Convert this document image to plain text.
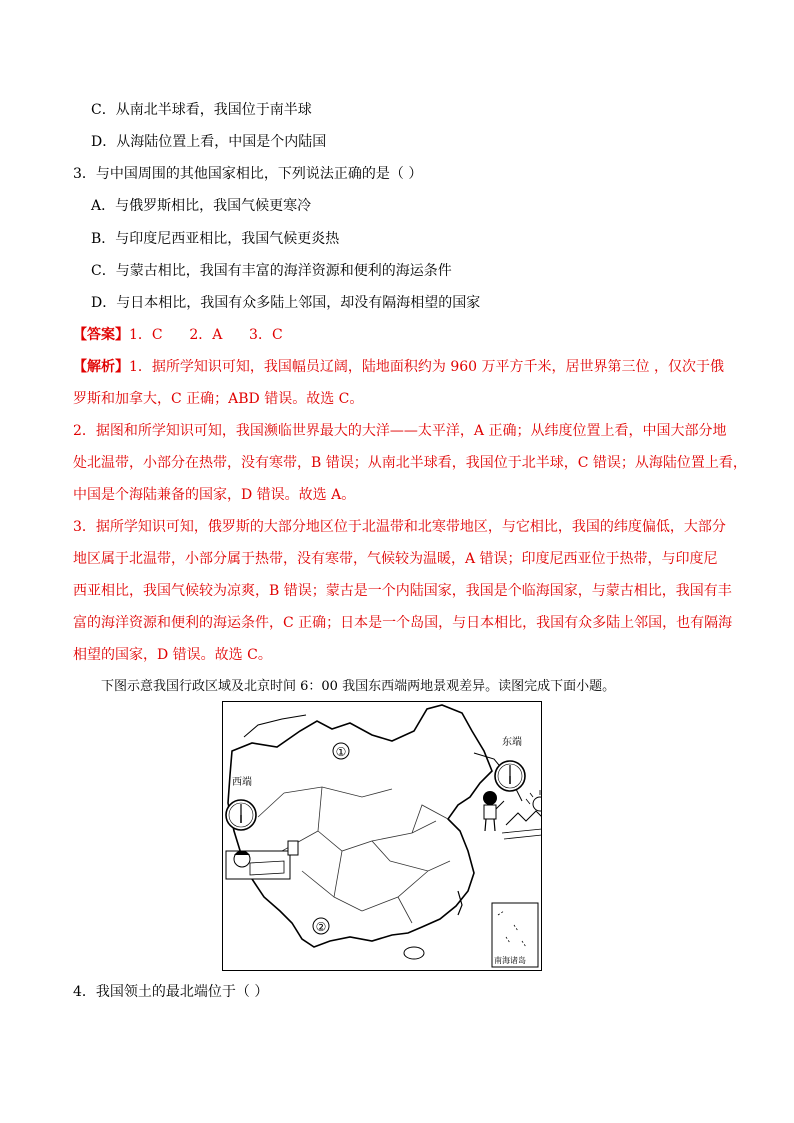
C．从南北半球看，我国位于南半球
D．从海陆位置上看，中国是个内陆国
3．与中国周围的其他国家相比，下列说法正确的是（ ）
A．与俄罗斯相比，我国气候更寒冷
B．与印度尼西亚相比，我国气候更炎热
C．与蒙古相比，我国有丰富的海洋资源和便利的海运条件
D．与日本相比，我国有众多陆上邻国，却没有隔海相望的国家
【答案】1．C      2．A      3．C
【解析】1．据所学知识可知，我国幅员辽阔，陆地面积约为 960 万平方千米，居世界第三位 ，仅次于俄
罗斯和加拿大，C 正确；ABD 错误。故选 C。
2．据图和所学知识可知，我国濒临世界最大的大洋——太平洋，A 正确；从纬度位置上看，中国大部分地
处北温带，小部分在热带，没有寒带，B 错误；从南北半球看，我国位于北半球，C 错误；从海陆位置上看，
中国是个海陆兼备的国家，D 错误。故选 A。
3．据所学知识可知，俄罗斯的大部分地区位于北温带和北寒带地区，与它相比，我国的纬度偏低，大部分
地区属于北温带，小部分属于热带，没有寒带，气候较为温暖，A 错误；印度尼西亚位于热带，与印度尼
西亚相比，我国气候较为凉爽，B 错误；蒙古是一个内陆国家，我国是个临海国家，与蒙古相比，我国有丰
富的海洋资源和便利的海运条件，C 正确；日本是一个岛国，与日本相比，我国有众多陆上邻国，也有隔海
相望的国家，D 错误。故选 C。
下图示意我国行政区域及北京时间 6：00 我国东西端两地景观差异。读图完成下面小题。
①
②
东端
西端
南海诸岛
4．我国领土的最北端位于（ ）
